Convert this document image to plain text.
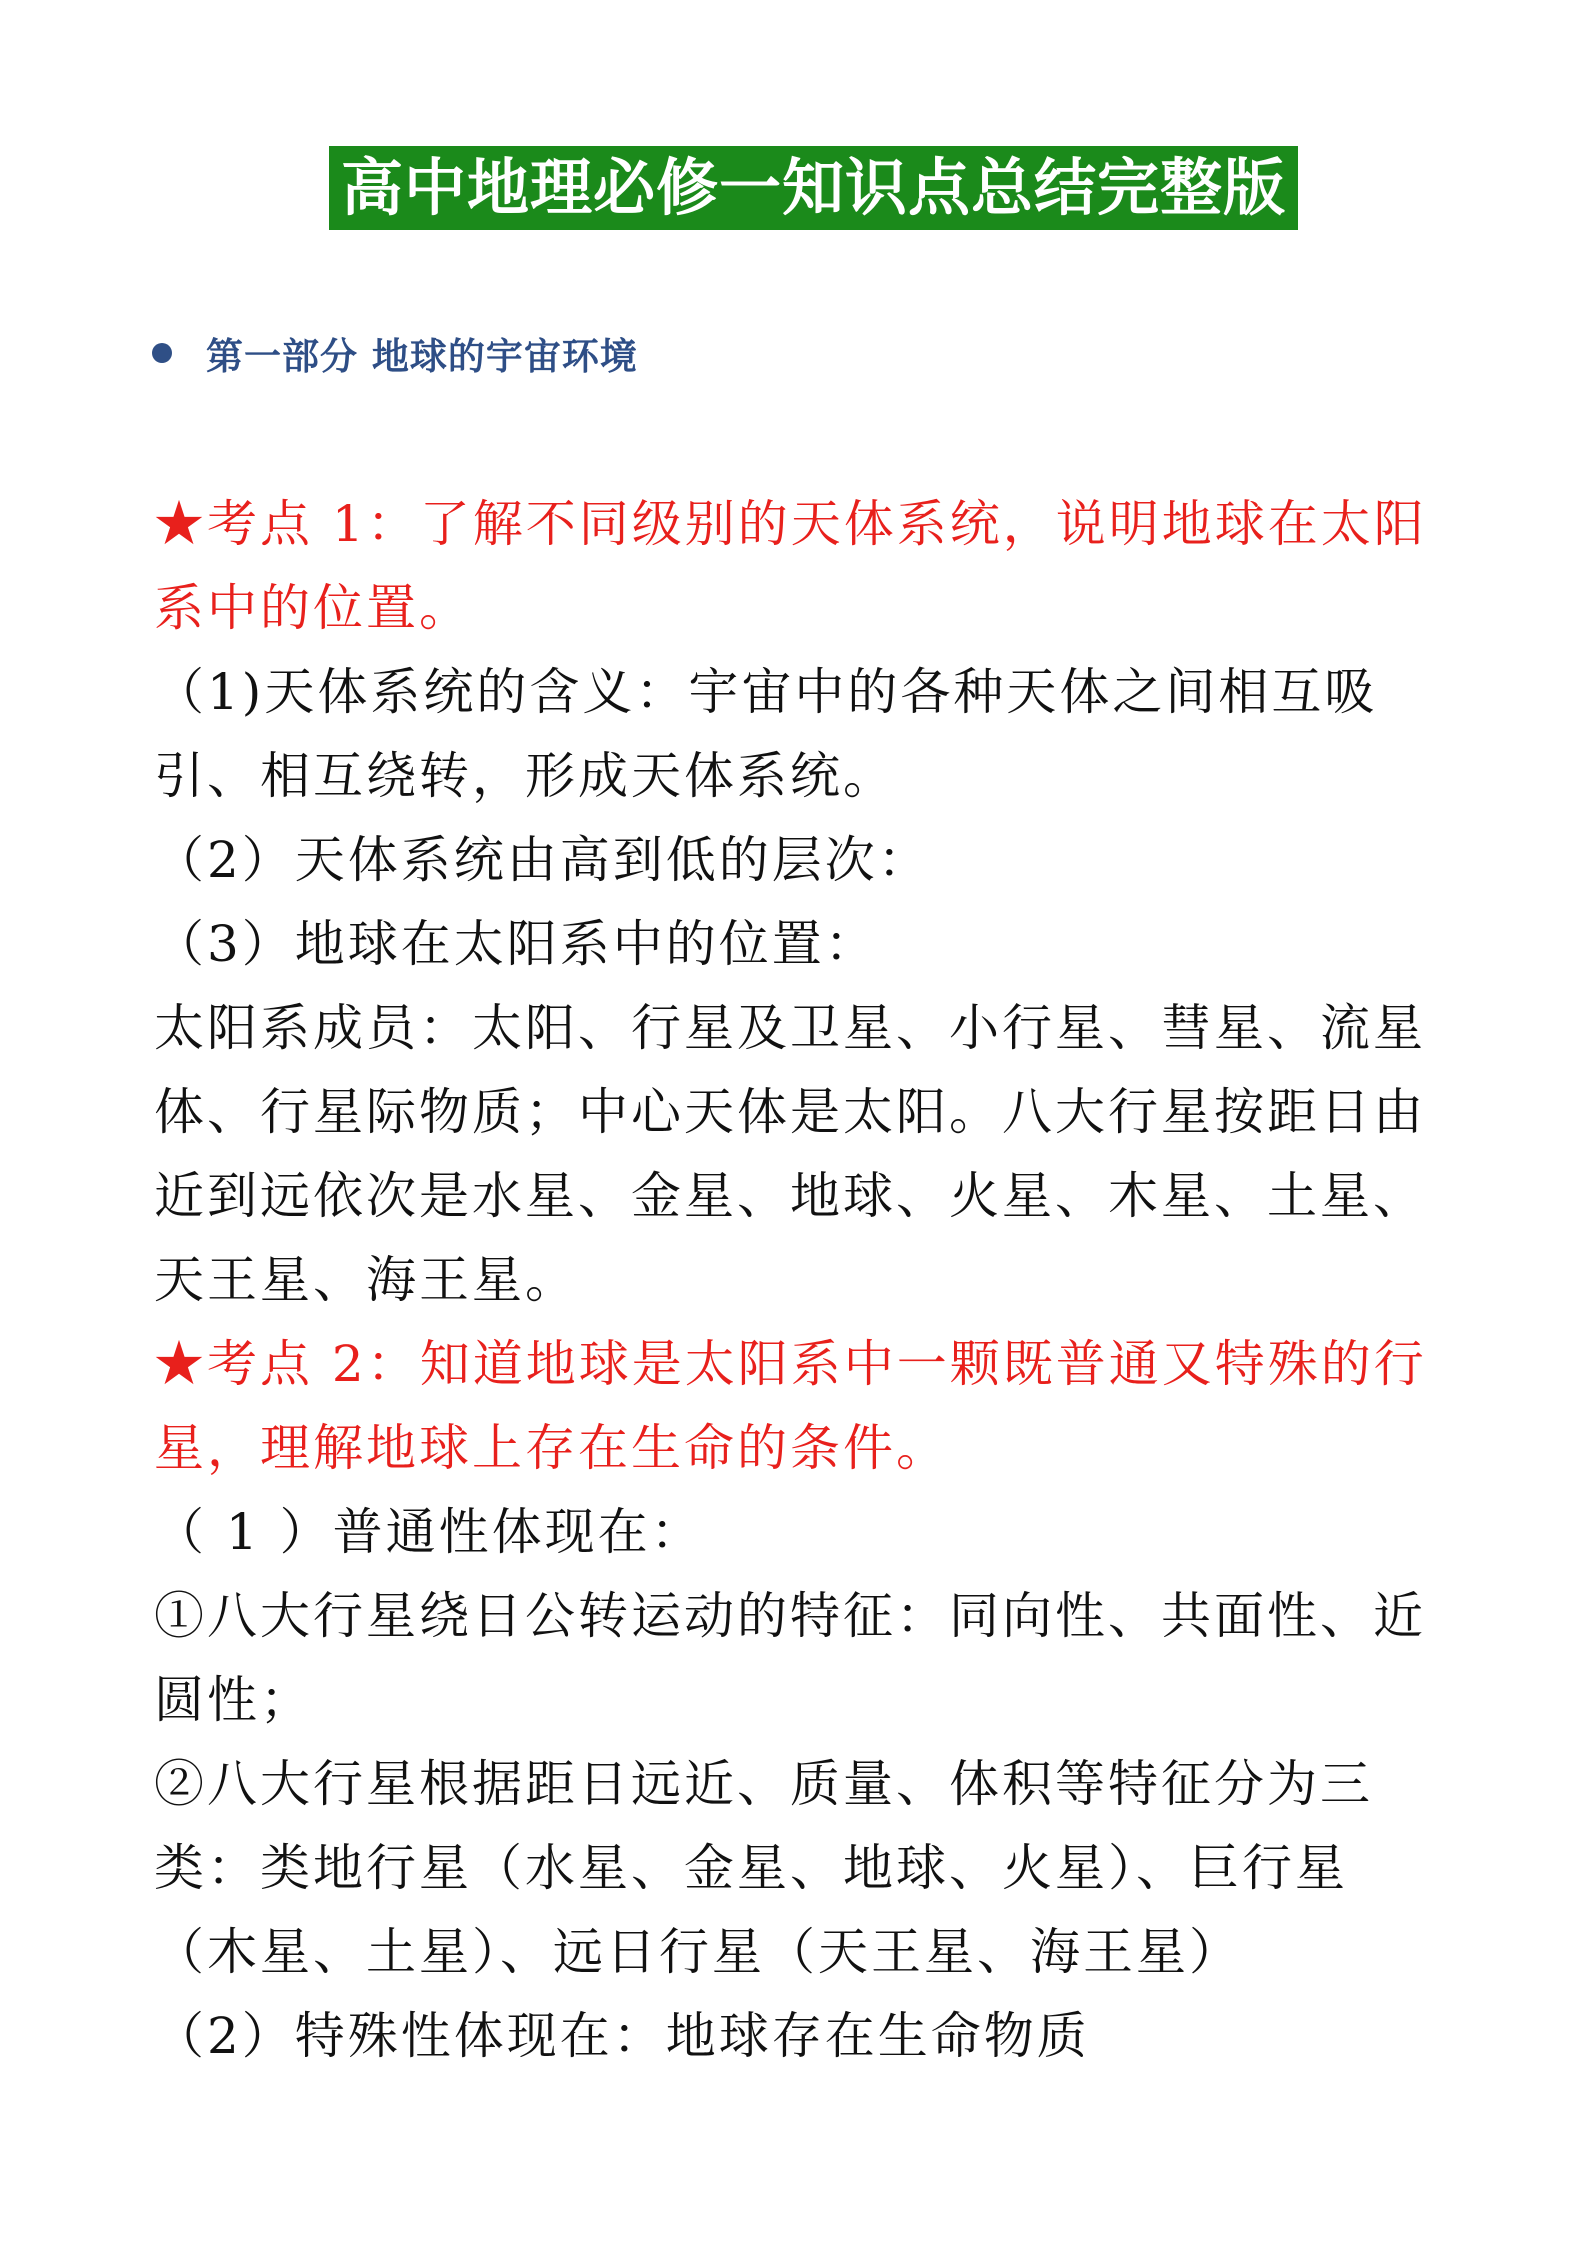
高中地理必修一知识点总结完整版
第一部分 地球的宇宙环境

★考点 1：了解不同级别的天体系统，说明地球在太阳系中的位置。

（1)天体系统的含义：宇宙中的各种天体之间相互吸引、相互绕转，形成天体系统。

（2）天体系统由高到低的层次：

（3）地球在太阳系中的位置：

太阳系成员：太阳、行星及卫星、小行星、彗星、流星体、行星际物质；中心天体是太阳。八大行星按距日由近到远依次是水星、金星、地球、火星、木星、土星、天王星、海王星。

★考点 2：知道地球是太阳系中一颗既普通又特殊的行星，理解地球上存在生命的条件。

（ 1 ）普通性体现在：

①八大行星绕日公转运动的特征：同向性、共面性、近圆性；

②八大行星根据距日远近、质量、体积等特征分为三类：类地行星（水星、金星、地球、火星）、巨行星（木星、土星）、远日行星（天王星、海王星）

（2）特殊性体现在：地球存在生命物质
